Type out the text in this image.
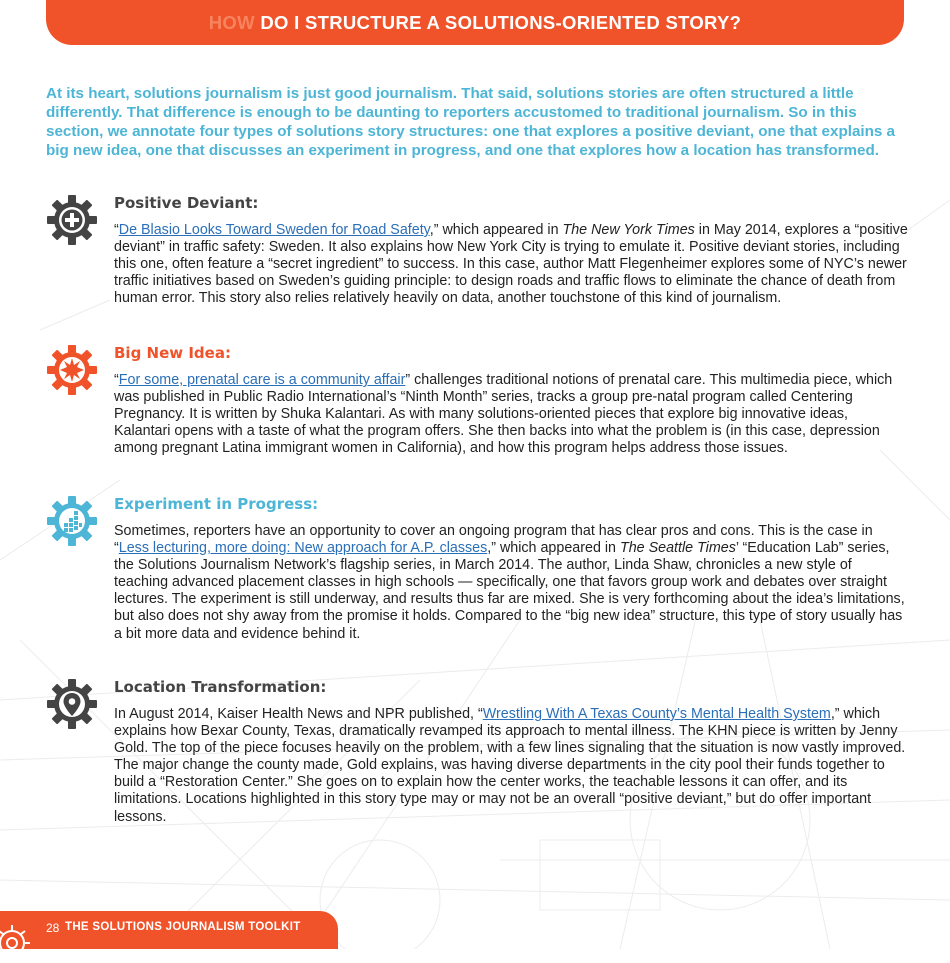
HOW DO I STRUCTURE A SOLUTIONS-ORIENTED STORY?

At its heart, solutions journalism is just good journalism. That said, solutions stories are often structured a little differently. That difference is enough to be daunting to reporters accustomed to traditional journalism. So in this section, we annotate four types of solutions story structures: one that explores a positive deviant, one that explains a big new idea, one that discusses an experiment in progress, and one that explores how a location has transformed.

Positive Deviant:

“De Blasio Looks Toward Sweden for Road Safety,” which appeared in The New York Times in May 2014, explores a “positive deviant” in traffic safety: Sweden. It also explains how New York City is trying to emulate it. Positive deviant stories, including this one, often feature a “secret ingredient” to success. In this case, author Matt Flegenheimer explores some of NYC’s newer traffic initiatives based on Sweden’s guiding principle: to design roads and traffic flows to eliminate the chance of death from human error. This story also relies relatively heavily on data, another touchstone of this kind of journalism.

Big New Idea:

“For some, prenatal care is a community affair” challenges traditional notions of prenatal care. This multimedia piece, which was published in Public Radio International’s “Ninth Month” series, tracks a group pre-natal program called Centering Pregnancy. It is written by Shuka Kalantari. As with many solutions-oriented pieces that explore big innovative ideas, Kalantari opens with a taste of what the program offers. She then backs into what the problem is (in this case, depression among pregnant Latina immigrant women in California), and how this program helps address those issues.

Experiment in Progress:

Sometimes, reporters have an opportunity to cover an ongoing program that has clear pros and cons. This is the case in “Less lecturing, more doing: New approach for A.P. classes,” which appeared in The Seattle Times’ “Education Lab” series, the Solutions Journalism Network’s flagship series, in March 2014. The author, Linda Shaw, chronicles a new style of teaching advanced placement classes in high schools — specifically, one that favors group work and debates over straight lectures. The experiment is still underway, and results thus far are mixed. She is very forthcoming about the idea’s limitations, but also does not shy away from the promise it holds. Compared to the “big new idea” structure, this type of story usually has a bit more data and evidence behind it.

Location Transformation:

In August 2014, Kaiser Health News and NPR published, “Wrestling With A Texas County’s Mental Health System,” which explains how Bexar County, Texas, dramatically revamped its approach to mental illness. The KHN piece is written by Jenny Gold. The top of the piece focuses heavily on the problem, with a few lines signaling that the situation is now vastly improved. The major change the county made, Gold explains, was having diverse departments in the city pool their funds together to build a “Restoration Center.” She goes on to explain how the center works, the teachable lessons it can offer, and its limitations. Locations highlighted in this story type may or may not be an overall “positive deviant,” but do offer important lessons.

28 THE SOLUTIONS JOURNALISM TOOLKIT
